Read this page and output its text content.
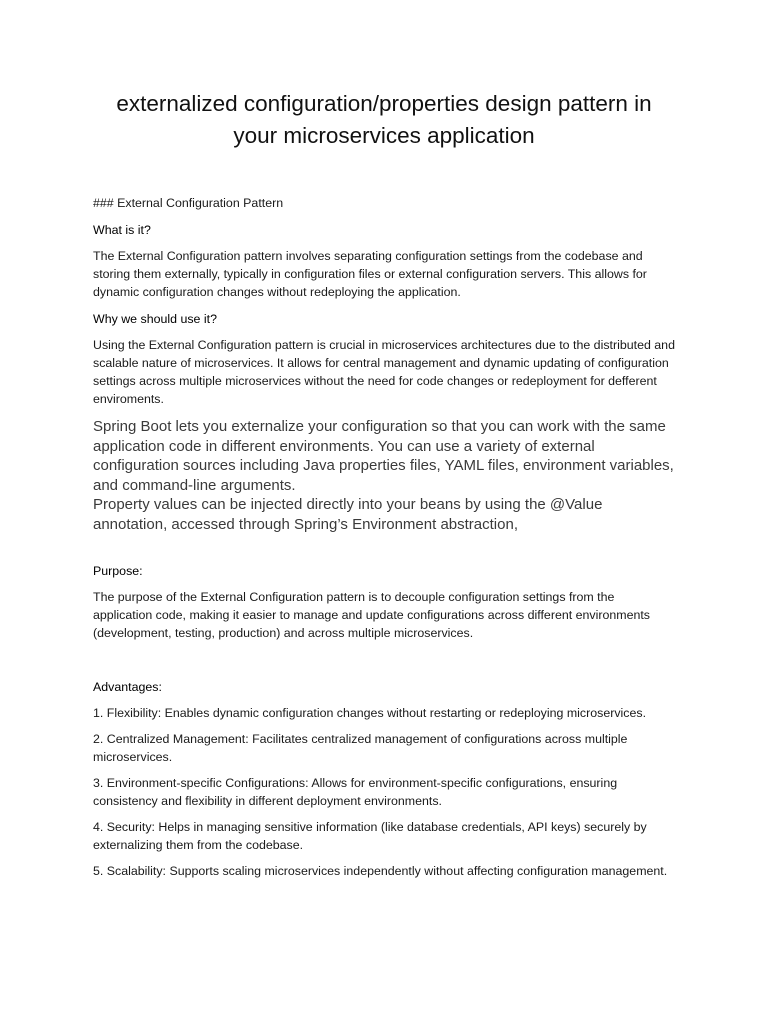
externalized configuration/properties design pattern in
your microservices application

### External Configuration Pattern

What is it?

The External Configuration pattern involves separating configuration settings from the codebase and storing them externally, typically in configuration files or external configuration servers. This allows for dynamic configuration changes without redeploying the application.

Why we should use it?

Using the External Configuration pattern is crucial in microservices architectures due to the distributed and scalable nature of microservices. It allows for central management and dynamic updating of configuration settings across multiple microservices without the need for code changes or redeployment for defferent enviroments.

Spring Boot lets you externalize your configuration so that you can work with the same application code in different environments. You can use a variety of external configuration sources including Java properties files, YAML files, environment variables, and command-line arguments.
Property values can be injected directly into your beans by using the @Value annotation, accessed through Spring’s Environment abstraction,

Purpose:

The purpose of the External Configuration pattern is to decouple configuration settings from the application code, making it easier to manage and update configurations across different environments (development, testing, production) and across multiple microservices.

Advantages:
1. Flexibility: Enables dynamic configuration changes without restarting or redeploying microservices.
2. Centralized Management: Facilitates centralized management of configurations across multiple microservices.
3. Environment-specific Configurations: Allows for environment-specific configurations, ensuring consistency and flexibility in different deployment environments.
4. Security: Helps in managing sensitive information (like database credentials, API keys) securely by externalizing them from the codebase.
5. Scalability: Supports scaling microservices independently without affecting configuration management.
